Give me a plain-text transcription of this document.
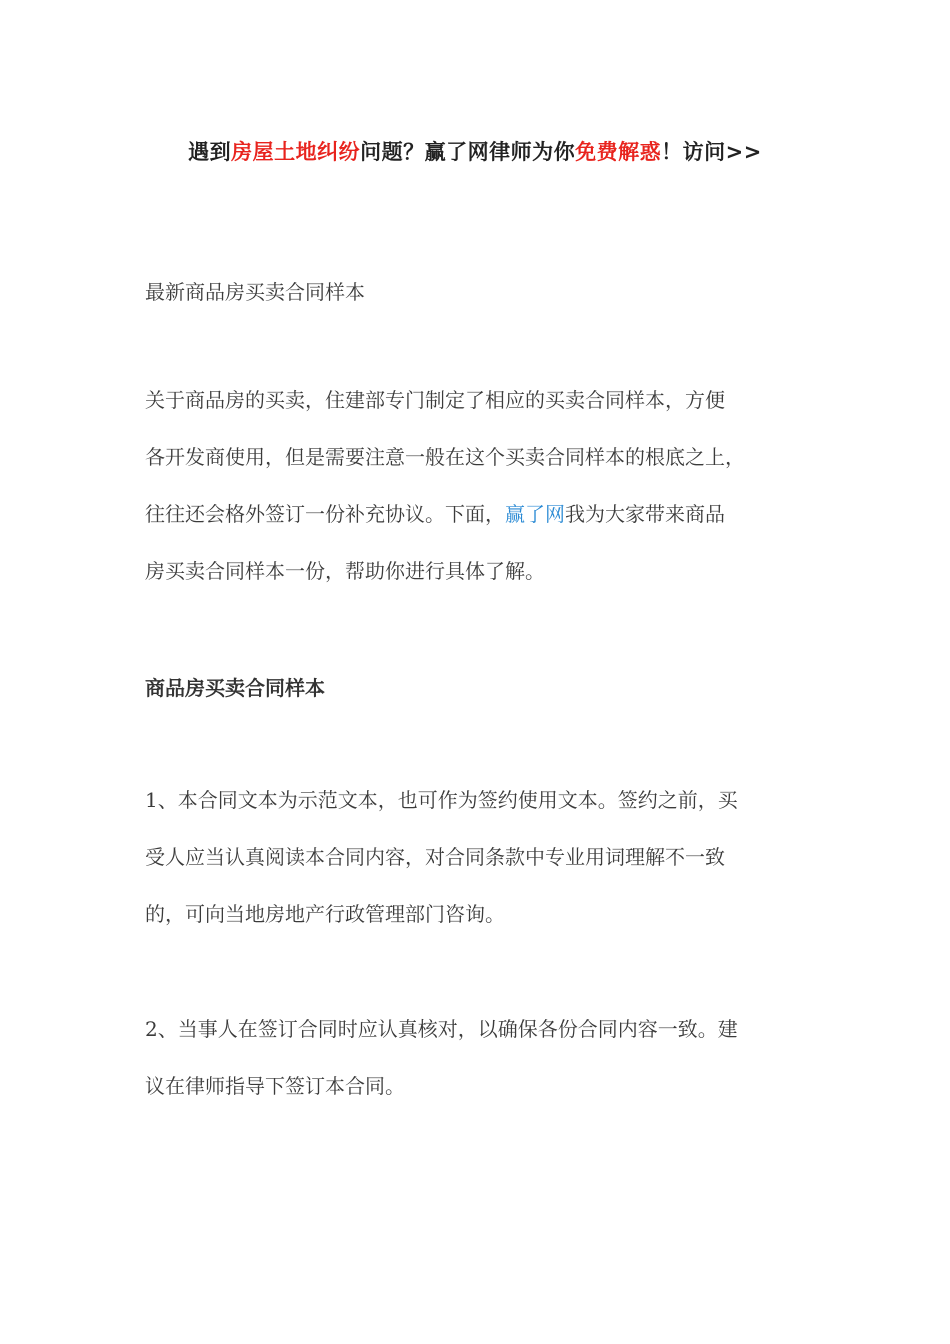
遇到房屋土地纠纷问题？赢了网律师为你免费解惑！访问>>
最新商品房买卖合同样本
关于商品房的买卖，住建部专门制定了相应的买卖合同样本，方便
各开发商使用，但是需要注意一般在这个买卖合同样本的根底之上，
往往还会格外签订一份补充协议。下面，赢了网我为大家带来商品
房买卖合同样本一份，帮助你进行具体了解。
商品房买卖合同样本
1、本合同文本为示范文本，也可作为签约使用文本。签约之前，买
受人应当认真阅读本合同内容，对合同条款中专业用词理解不一致
的，可向当地房地产行政管理部门咨询。
2、当事人在签订合同时应认真核对，以确保各份合同内容一致。建
议在律师指导下签订本合同。
